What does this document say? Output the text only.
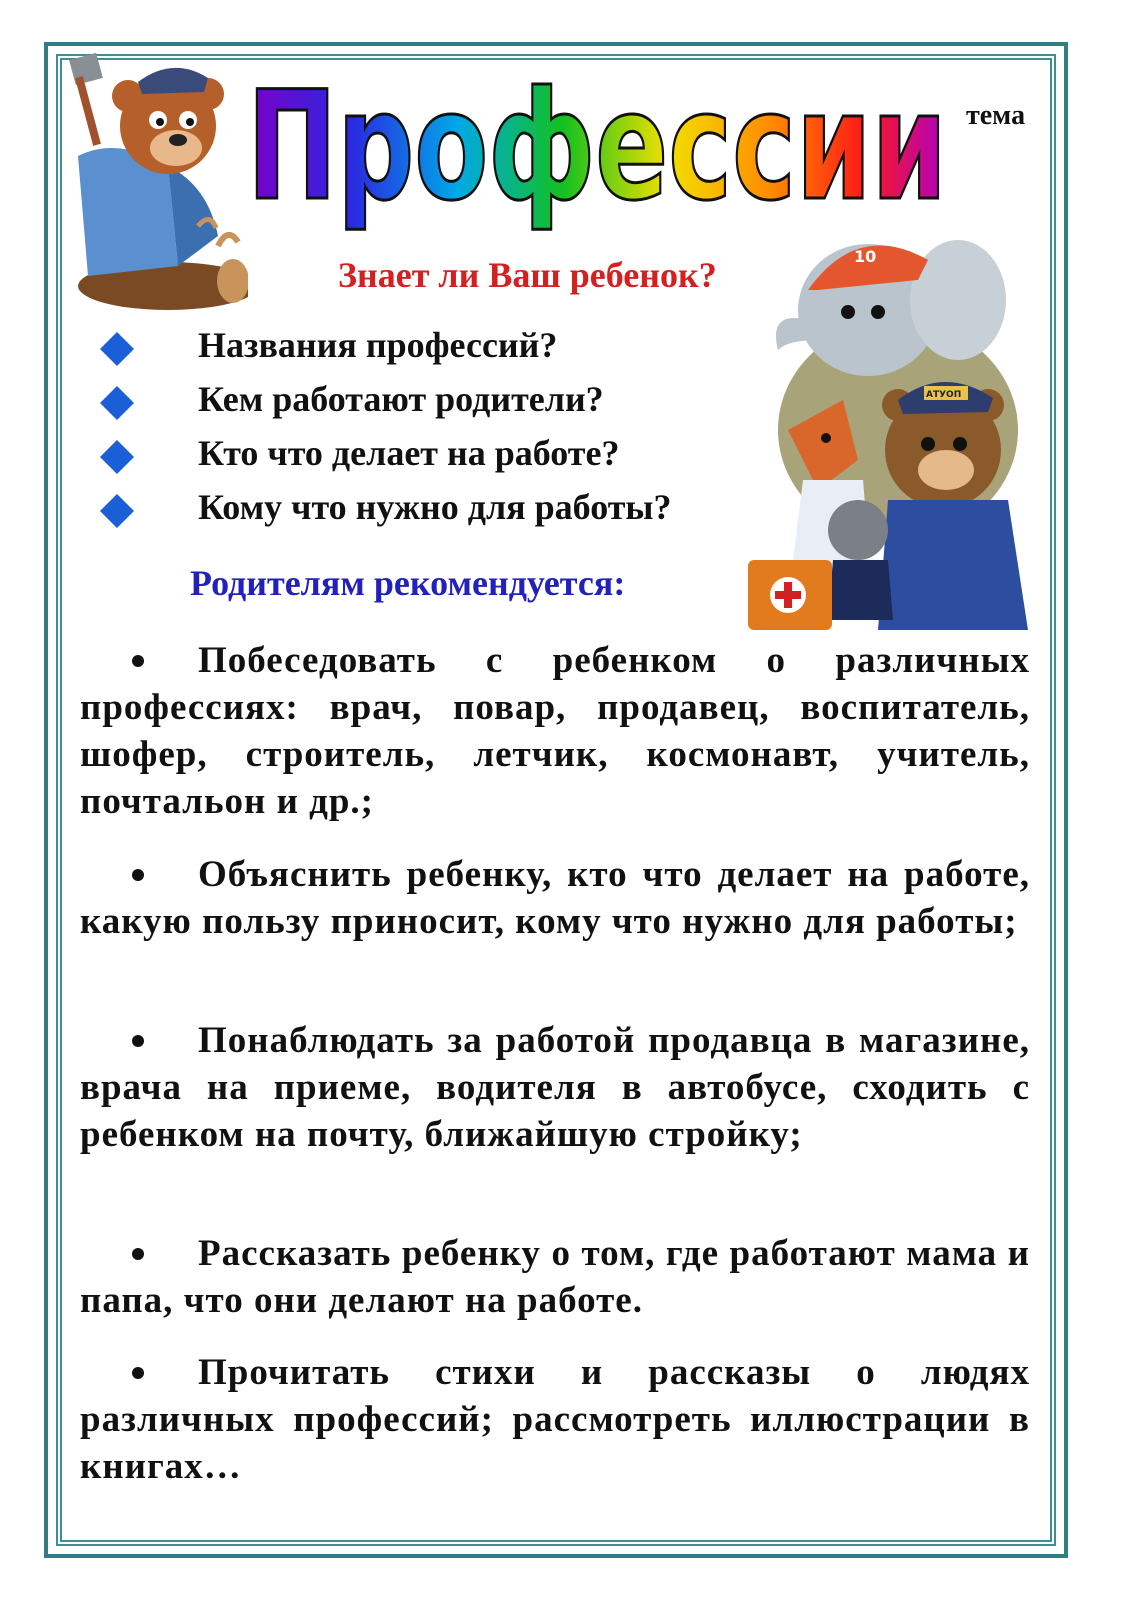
Профессии тема
Знает ли Ваш ребенок?	10
АТУОП
Названия профессий?
Кем работают родители?
Кто что делает на работе?
Кому что нужно для работы?
Родителям рекомендуется:
Побеседовать с ребенком о различных профессиях: врач, повар, продавец, воспитатель, шофер, строитель, летчик, космонавт, учитель, почтальон и др.;
Объяснить ребенку, кто что делает на работе, какую пользу приносит, кому что нужно для работы;
Понаблюдать за работой продавца в магазине, врача на приеме, водителя в автобусе, сходить с ребенком на почту, ближайшую стройку;
Рассказать ребенку о том, где работают мама и папа, что они делают на работе.
Прочитать стихи и рассказы о людях различных профессий; рассмотреть иллюстрации в книгах…
